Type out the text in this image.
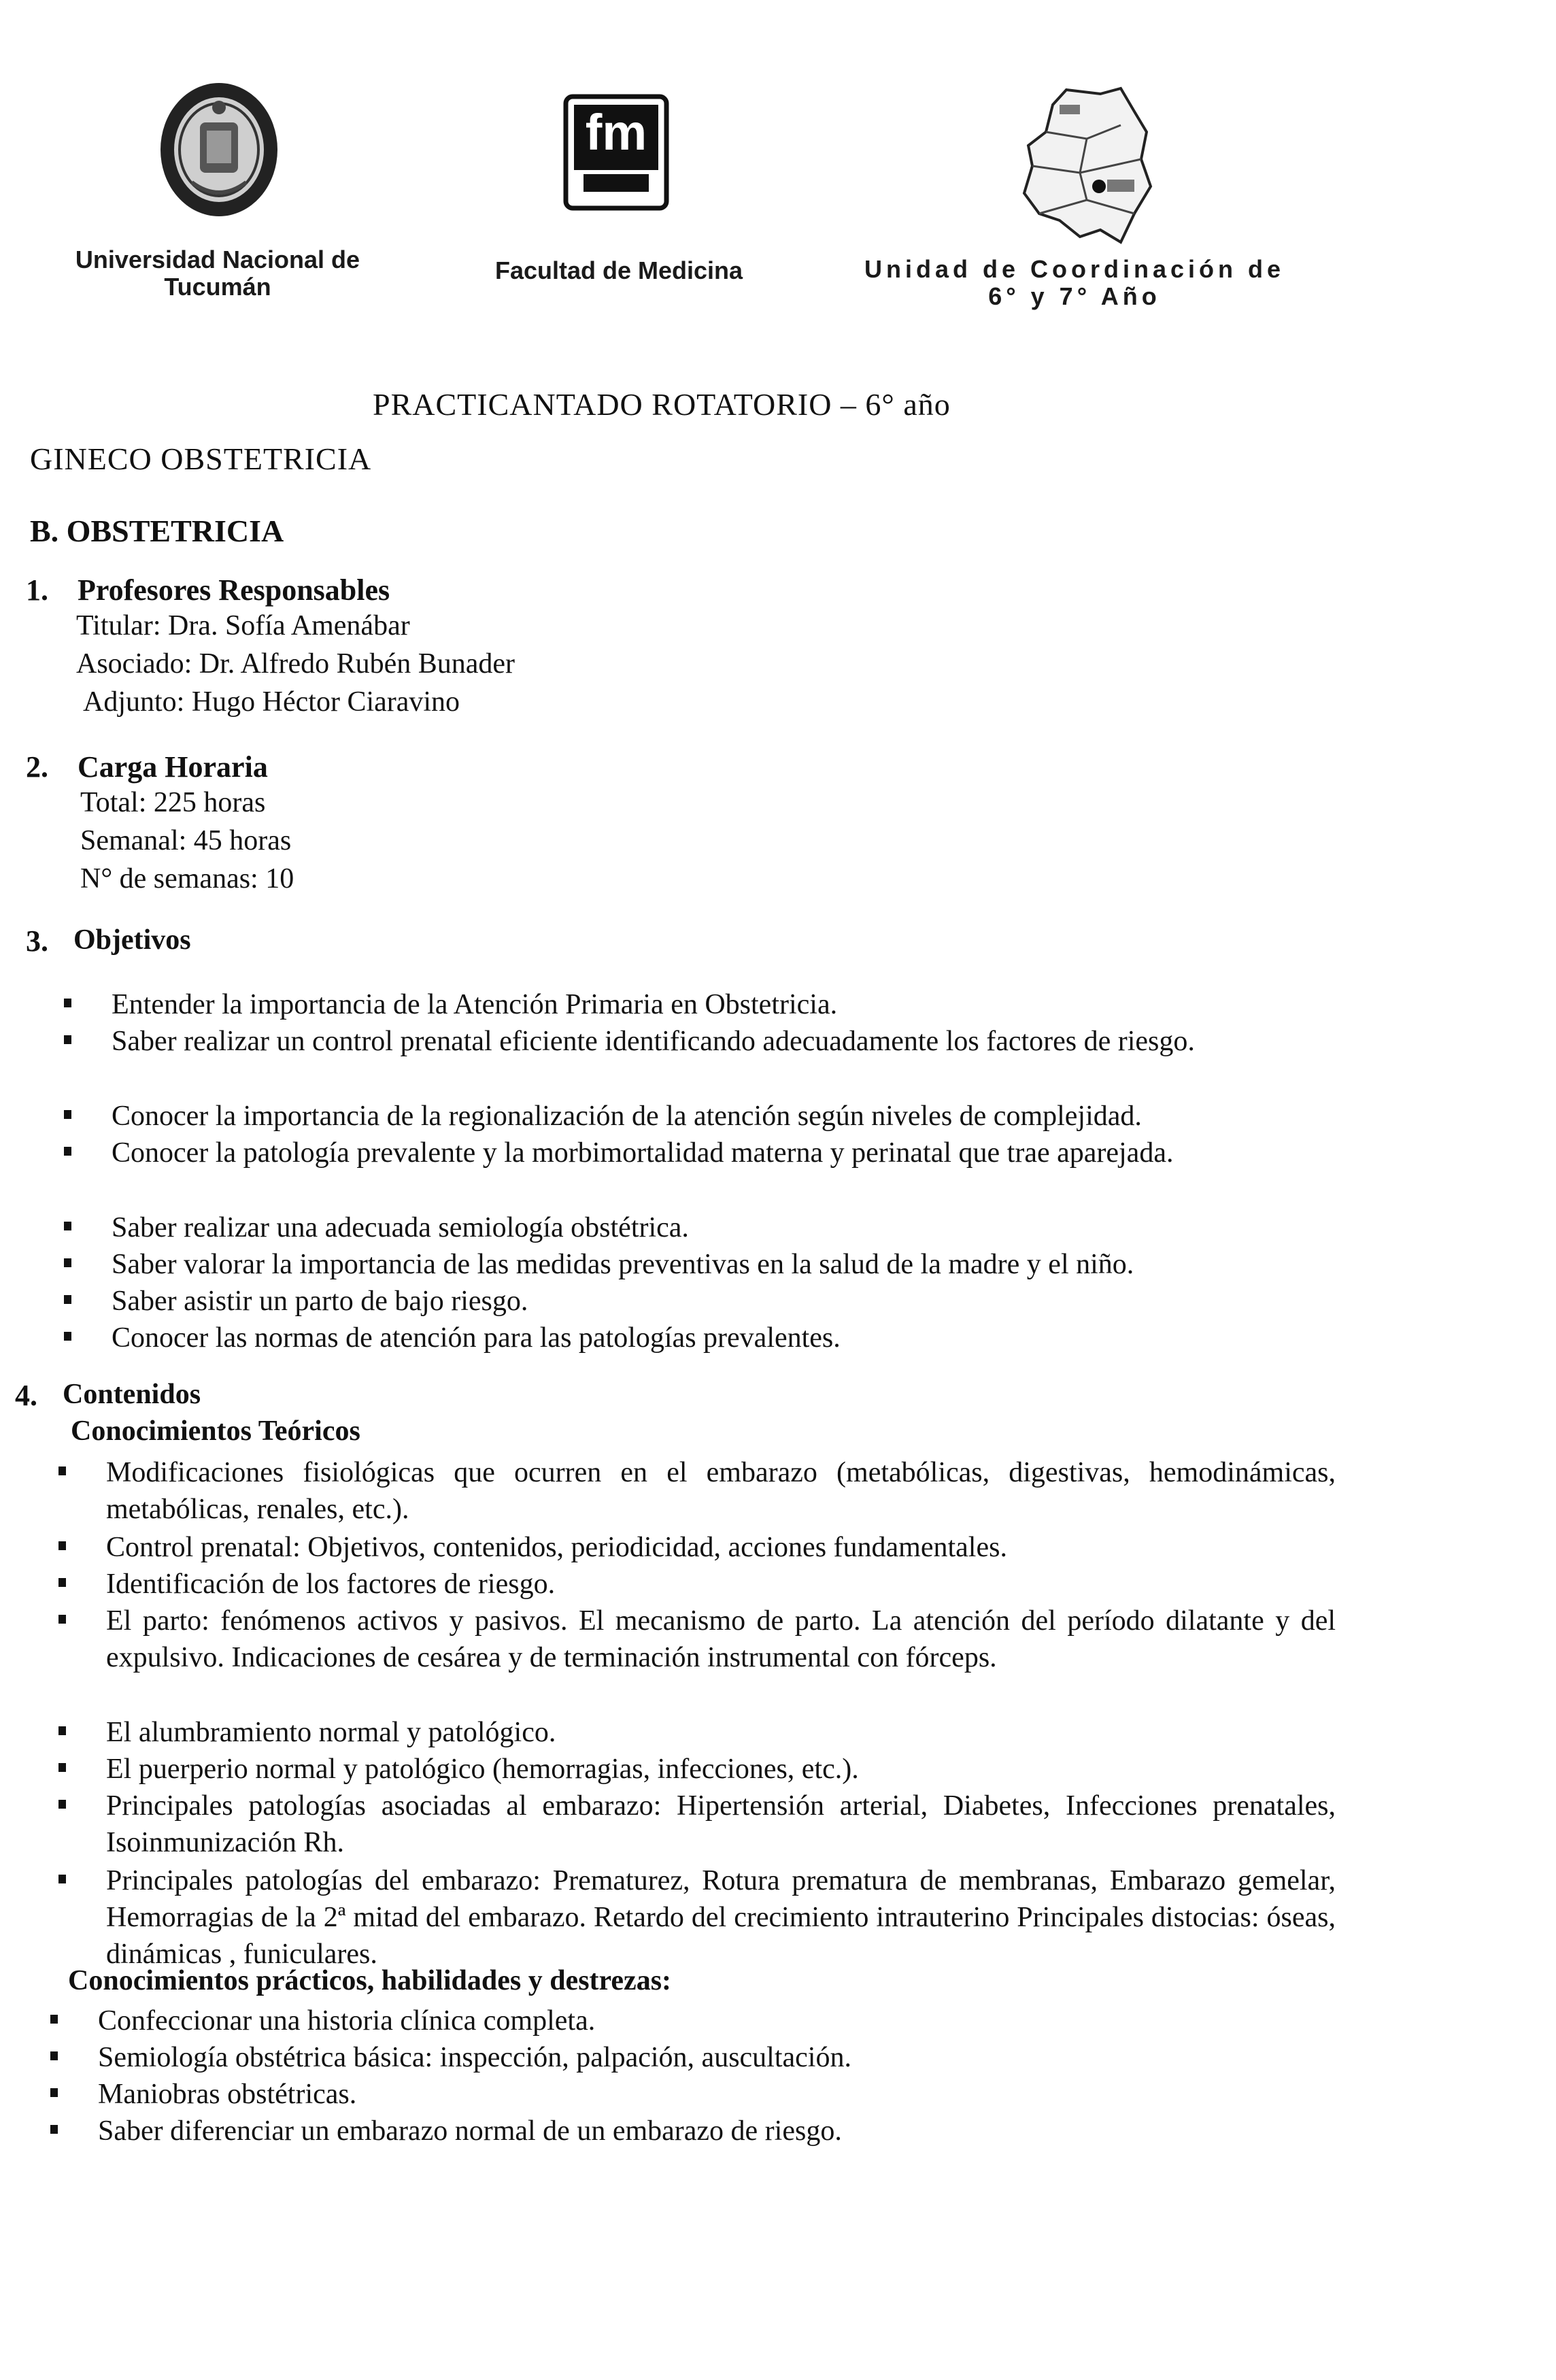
Universidad Nacional de
Tucumán
fm
Facultad de Medicina	Unidad de Coordinación de
6° y 7° Año
PRACTICANTADO ROTATORIO – 6° año
GINECO OBSTETRICIA
B. OBSTETRICIA
1. Profesores Responsables
Titular: Dra. Sofía Amenábar
Asociado: Dr. Alfredo Rubén Bunader
Adjunto: Hugo Héctor Ciaravino
2. Carga Horaria
Total: 225 horas
Semanal: 45 horas
N° de semanas: 10
3. Objetivos
Entender la importancia de la Atención Primaria en Obstetricia.
Saber realizar un control prenatal eficiente identificando adecuadamente los factores de riesgo.
Conocer la importancia de la regionalización de la atención según niveles de complejidad.
Conocer la patología prevalente y la morbimortalidad materna y perinatal que trae aparejada.
Saber realizar una adecuada semiología obstétrica.
Saber valorar la importancia de las medidas preventivas en la salud de la madre y el niño.
Saber asistir un parto de bajo riesgo.
Conocer las normas de atención para las patologías prevalentes.
4. Contenidos
Conocimientos Teóricos
Modificaciones fisiológicas que ocurren en el embarazo (metabólicas, digestivas, hemodinámicas, metabólicas, renales, etc.).
Control prenatal: Objetivos, contenidos, periodicidad, acciones fundamentales.
Identificación de los factores de riesgo.
El parto: fenómenos activos y pasivos. El mecanismo de parto. La atención del período dilatante y del expulsivo. Indicaciones de cesárea y de terminación instrumental con fórceps.
El alumbramiento normal y patológico.
El puerperio normal y patológico (hemorragias, infecciones, etc.).
Principales patologías asociadas al embarazo: Hipertensión arterial, Diabetes, Infecciones prenatales, Isoinmunización Rh.
Principales patologías del embarazo: Prematurez, Rotura prematura de membranas, Embarazo gemelar, Hemorragias de la 2ª mitad del embarazo. Retardo del crecimiento intrauterino Principales distocias: óseas, dinámicas , funiculares.
Conocimientos prácticos, habilidades y destrezas:
Confeccionar una historia clínica completa.
Semiología obstétrica básica: inspección, palpación, auscultación.
Maniobras obstétricas.
Saber diferenciar un embarazo normal de un embarazo de riesgo.
